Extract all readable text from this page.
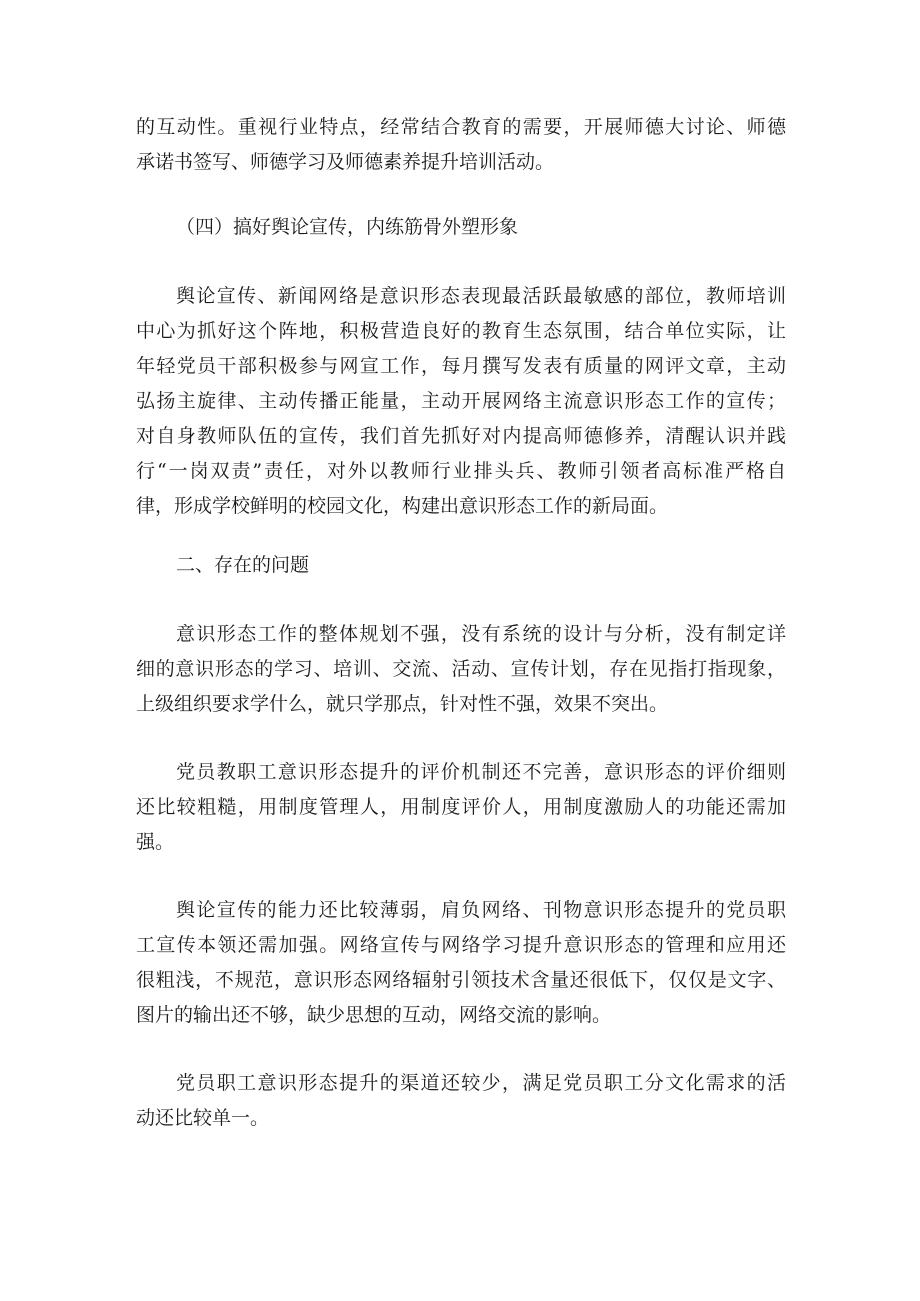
的互动性。重视行业特点，经常结合教育的需要，开展师德大讨论、师德
承诺书签写、师德学习及师德素养提升培训活动。
（四）搞好舆论宣传，内练筋骨外塑形象
舆论宣传、新闻网络是意识形态表现最活跃最敏感的部位，教师培训
中心为抓好这个阵地，积极营造良好的教育生态氛围，结合单位实际，让
年轻党员干部积极参与网宣工作，每月撰写发表有质量的网评文章，主动
弘扬主旋律、主动传播正能量，主动开展网络主流意识形态工作的宣传；
对自身教师队伍的宣传，我们首先抓好对内提高师德修养，清醒认识并践
行“一岗双责”责任，对外以教师行业排头兵、教师引领者高标准严格自
律，形成学校鲜明的校园文化，构建出意识形态工作的新局面。
二、存在的问题
意识形态工作的整体规划不强，没有系统的设计与分析，没有制定详
细的意识形态的学习、培训、交流、活动、宣传计划，存在见指打指现象，
上级组织要求学什么，就只学那点，针对性不强，效果不突出。
党员教职工意识形态提升的评价机制还不完善，意识形态的评价细则
还比较粗糙，用制度管理人，用制度评价人，用制度激励人的功能还需加
强。
舆论宣传的能力还比较薄弱，肩负网络、刊物意识形态提升的党员职
工宣传本领还需加强。网络宣传与网络学习提升意识形态的管理和应用还
很粗浅，不规范，意识形态网络辐射引领技术含量还很低下，仅仅是文字、
图片的输出还不够，缺少思想的互动，网络交流的影响。
党员职工意识形态提升的渠道还较少，满足党员职工分文化需求的活
动还比较单一。
